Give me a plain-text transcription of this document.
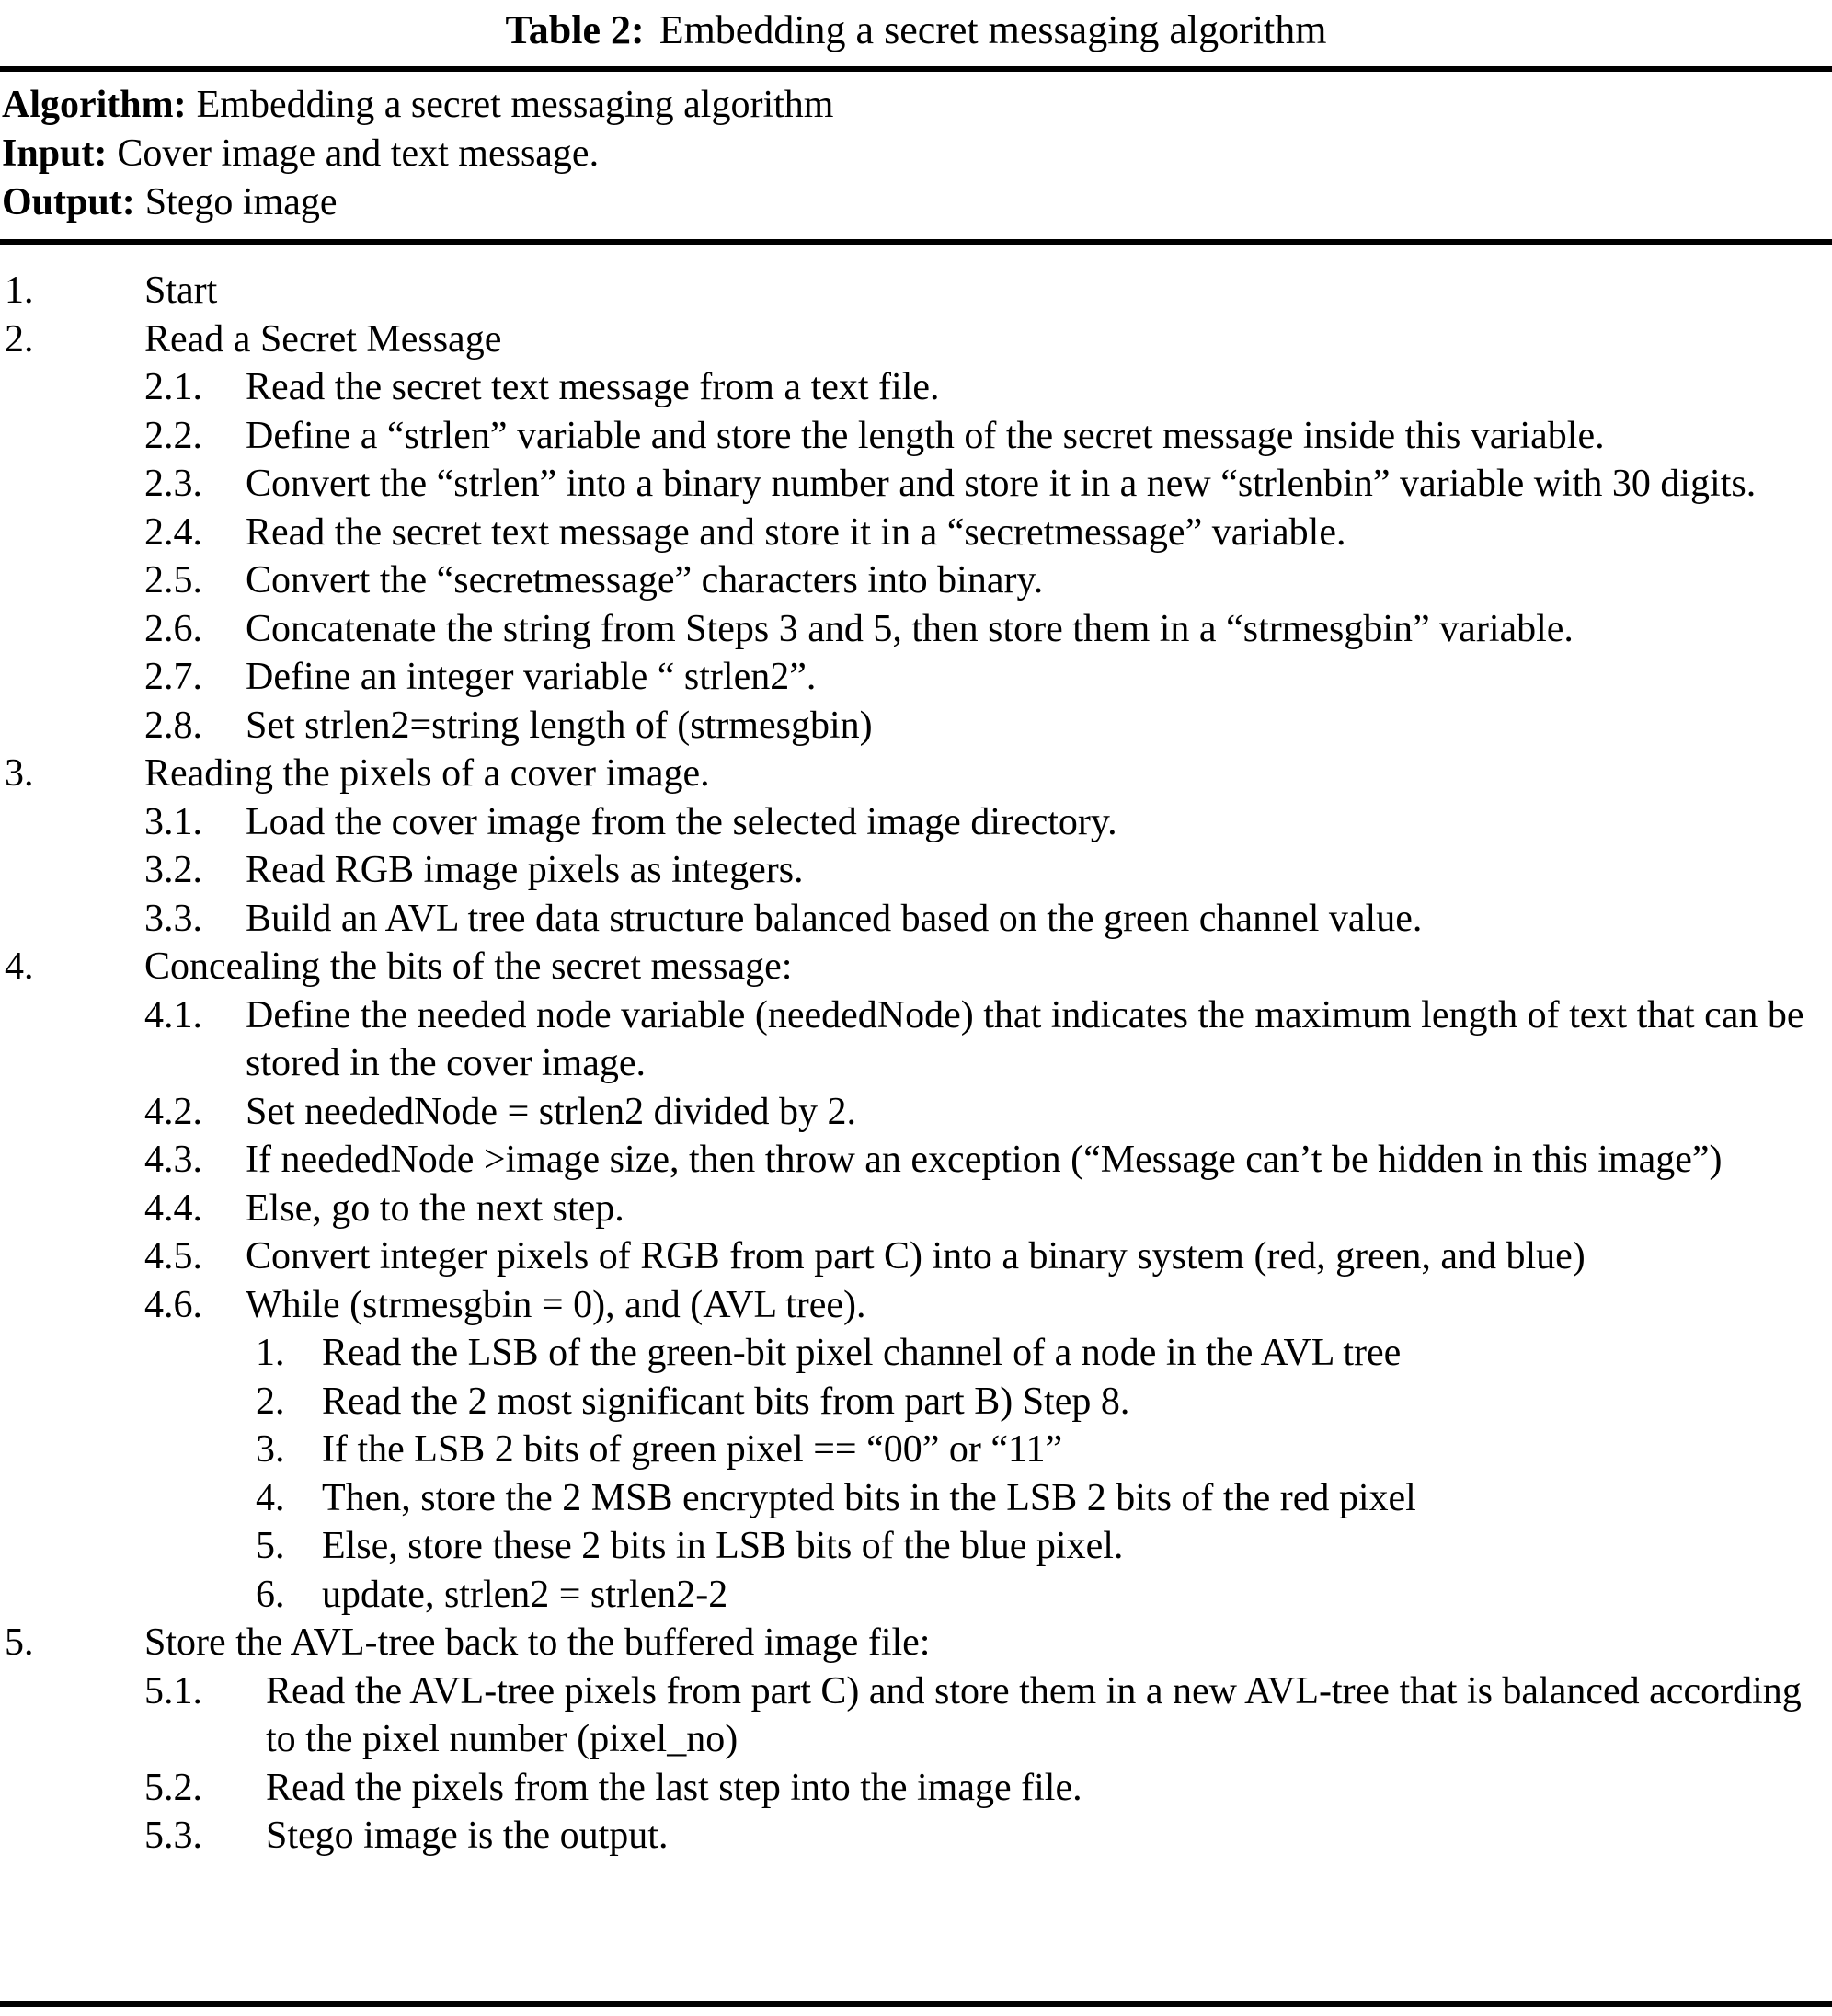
Table 2: Embedding a secret messaging algorithm
Algorithm: Embedding a secret messaging algorithm
Input: Cover image and text message.
Output: Stego image
1.	Start
2.	Read a Secret Message
2.1.	Read the secret text message from a text file.
2.2.	Define a “strlen” variable and store the length of the secret message inside this variable.
2.3.	Convert the “strlen” into a binary number and store it in a new “strlenbin” variable with 30 digits.
2.4.	Read the secret text message and store it in a “secretmessage” variable.
2.5.	Convert the “secretmessage” characters into binary.
2.6.	Concatenate the string from Steps 3 and 5, then store them in a “strmesgbin” variable.
2.7.	Define an integer variable “ strlen2”.
2.8.	Set strlen2=string length of (strmesgbin)
3.	Reading the pixels of a cover image.
3.1.	Load the cover image from the selected image directory.
3.2.	Read RGB image pixels as integers.
3.3.	Build an AVL tree data structure balanced based on the green channel value.
4.	Concealing the bits of the secret message:
4.1.	Define the needed node variable (neededNode) that indicates the maximum length of text that can be stored in the cover image.
4.2.	Set neededNode = strlen2 divided by 2.
4.3.	If neededNode >image size, then throw an exception (“Message can’t be hidden in this image”)
4.4.	Else, go to the next step.
4.5.	Convert integer pixels of RGB from part C) into a binary system (red, green, and blue)
4.6.	While (strmesgbin = 0), and (AVL tree).
1. Read the LSB of the green-bit pixel channel of a node in the AVL tree
2. Read the 2 most significant bits from part B) Step 8.
3. If the LSB 2 bits of green pixel == “00” or “11”
4. Then, store the 2 MSB encrypted bits in the LSB 2 bits of the red pixel
5. Else, store these 2 bits in LSB bits of the blue pixel.
6. update, strlen2 = strlen2-2
5.	Store the AVL-tree back to the buffered image file:
5.1.	Read the AVL-tree pixels from part C) and store them in a new AVL-tree that is balanced according to the pixel number (pixel_no)
5.2.	Read the pixels from the last step into the image file.
5.3.	Stego image is the output.
